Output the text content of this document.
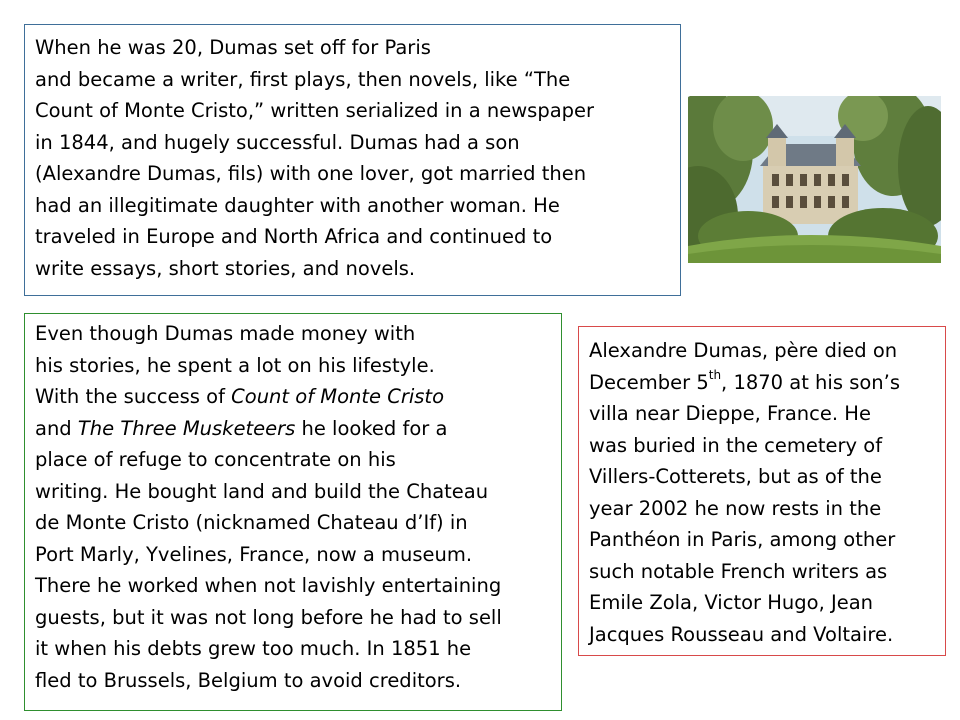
When he was 20, Dumas set off for Paris
and became a writer, first plays, then novels, like “The
Count of Monte Cristo,” written serialized in a newspaper
in 1844, and hugely successful. Dumas had a son
(Alexandre Dumas, fils) with one lover, got married then
had an illegitimate daughter with another woman. He
traveled in Europe and North Africa and continued to
write essays, short stories, and novels.
Even though Dumas made money with
his stories, he spent a lot on his lifestyle.
With the success of Count of Monte Cristo
and The Three Musketeers he looked for a
place of refuge to concentrate on his
writing. He bought land and build the Chateau
de Monte Cristo (nicknamed Chateau d’If) in
Port Marly, Yvelines, France, now a museum.
There he worked when not lavishly entertaining
guests, but it was not long before he had to sell
it when his debts grew too much. In 1851 he
fled to Brussels, Belgium to avoid creditors.
Alexandre Dumas, père died on
December 5th, 1870 at his son’s
villa near Dieppe, France. He
was buried in the cemetery of
Villers-Cotterets, but as of the
year 2002 he now rests in the
Panthéon in Paris, among other
such notable French writers as
Emile Zola, Victor Hugo, Jean
Jacques Rousseau and Voltaire.
